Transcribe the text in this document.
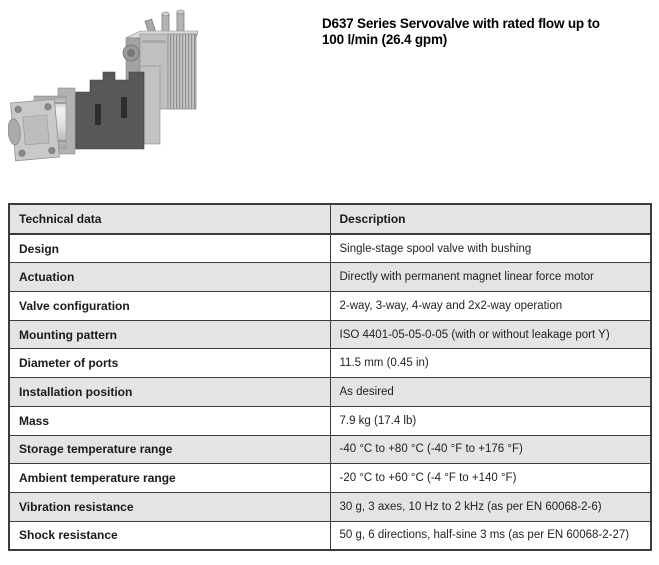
D637 Series Servovalve with rated flow up to
100 l/min (26.4 gpm)
Technical data	Description
Design	Single-stage spool valve with bushing
Actuation	Directly with permanent magnet linear force motor
Valve configuration	2-way, 3-way, 4-way and 2x2-way operation
Mounting pattern	ISO 4401-05-05-0-05 (with or without leakage port Y)
Diameter of ports	11.5 mm (0.45 in)
Installation position	As desired
Mass	7.9 kg (17.4 lb)
Storage temperature range	-40 °C to +80 °C (-40 °F to +176 °F)
Ambient temperature range	-20 °C to +60 °C (-4 °F to +140 °F)
Vibration resistance	30 g, 3 axes, 10 Hz to 2 kHz (as per EN 60068-2-6)
Shock resistance	50 g, 6 directions, half-sine 3 ms (as per EN 60068-2-27)
